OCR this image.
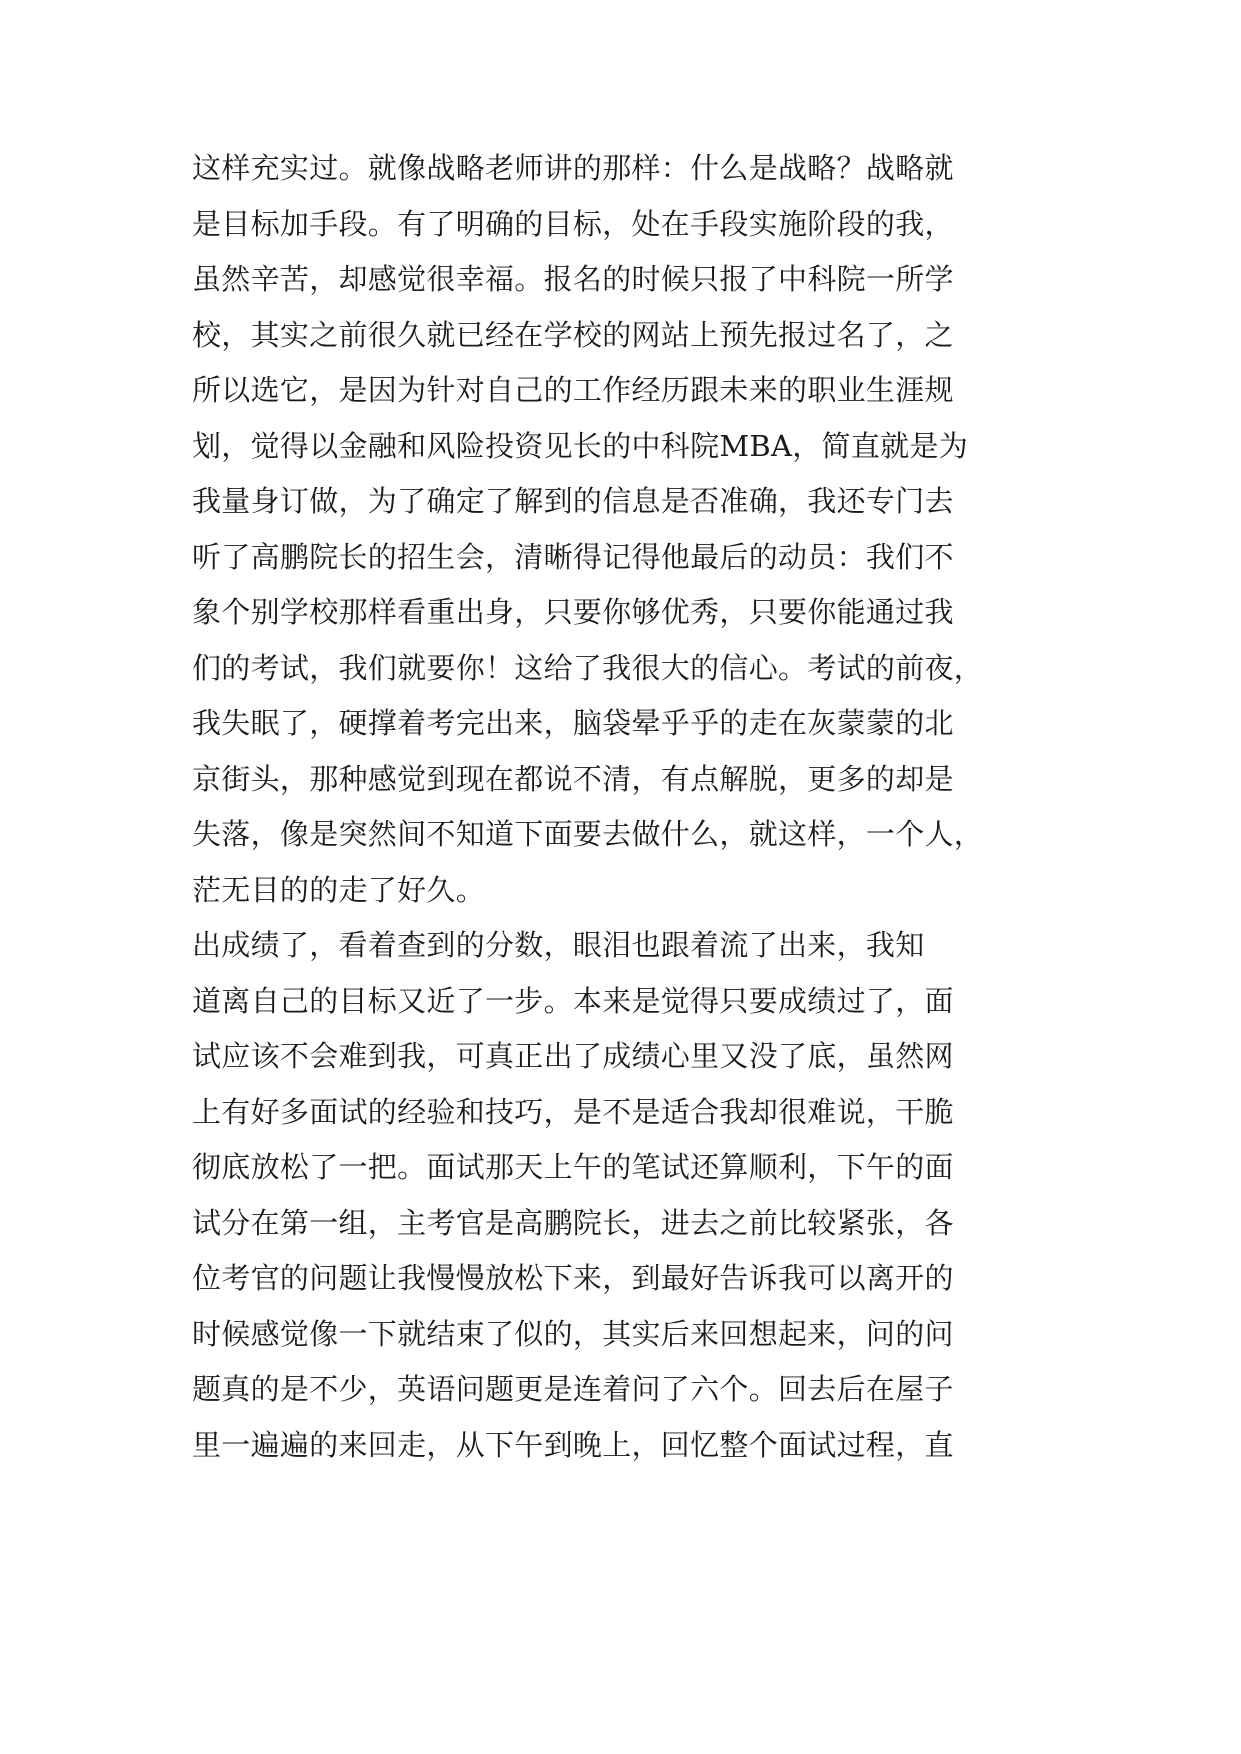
这样充实过。就像战略老师讲的那样：什么是战略？战略就
是目标加手段。有了明确的目标，处在手段实施阶段的我，
虽然辛苦，却感觉很幸福。报名的时候只报了中科院一所学
校，其实之前很久就已经在学校的网站上预先报过名了，之
所以选它，是因为针对自己的工作经历跟未来的职业生涯规
划，觉得以金融和风险投资见长的中科院MBA，简直就是为
我量身订做，为了确定了解到的信息是否准确，我还专门去
听了高鹏院长的招生会，清晰得记得他最后的动员：我们不
象个别学校那样看重出身，只要你够优秀，只要你能通过我
们的考试，我们就要你！这给了我很大的信心。考试的前夜，
我失眠了，硬撑着考完出来，脑袋晕乎乎的走在灰蒙蒙的北
京街头，那种感觉到现在都说不清，有点解脱，更多的却是
失落，像是突然间不知道下面要去做什么，就这样，一个人，
茫无目的的走了好久。
出成绩了，看着查到的分数，眼泪也跟着流了出来，我知
道离自己的目标又近了一步。本来是觉得只要成绩过了，面
试应该不会难到我，可真正出了成绩心里又没了底，虽然网
上有好多面试的经验和技巧，是不是适合我却很难说，干脆
彻底放松了一把。面试那天上午的笔试还算顺利，下午的面
试分在第一组，主考官是高鹏院长，进去之前比较紧张，各
位考官的问题让我慢慢放松下来，到最好告诉我可以离开的
时候感觉像一下就结束了似的，其实后来回想起来，问的问
题真的是不少，英语问题更是连着问了六个。回去后在屋子
里一遍遍的来回走，从下午到晚上，回忆整个面试过程，直
